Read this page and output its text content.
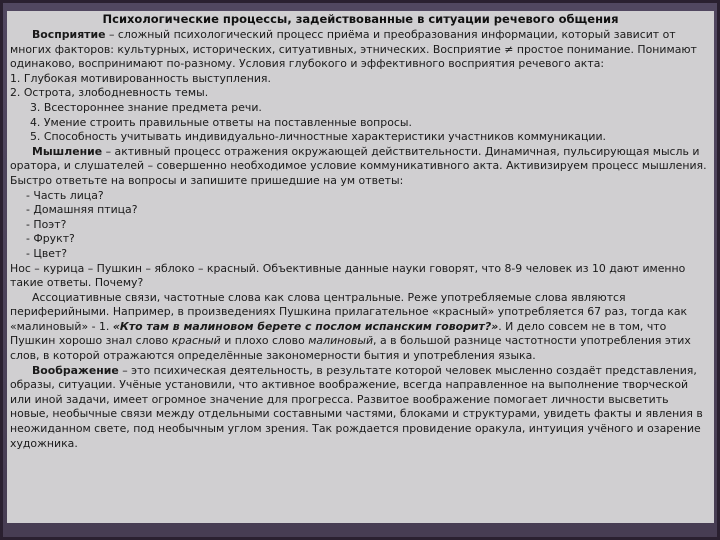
Психологические процессы, задействованные в ситуации речевого общения

Восприятие – сложный психологический процесс приёма и преобразования информации, который зависит от многих факторов: культурных, исторических, ситуативных, этнических. Восприятие ≠ простое понимание. Понимают одинаково, воспринимают по-разному. Условия глубокого и эффективного восприятия речевого акта:

1. Глубокая мотивированность выступления.

2. Острота, злободневность темы.

3. Всестороннее знание предмета речи.

4. Умение строить правильные ответы на поставленные вопросы.

5. Способность учитывать индивидуально-личностные характеристики участников коммуникации.

Мышление – активный процесс отражения окружающей действительности. Динамичная, пульсирующая мысль и оратора, и слушателей – совершенно необходимое условие коммуникативного акта. Активизируем процесс мышления. Быстро ответьте на вопросы и запишите пришедшие на ум ответы:

- Часть лица?

- Домашняя птица?

- Поэт?

- Фрукт?

- Цвет?

Нос – курица – Пушкин – яблоко – красный. Объективные данные науки говорят, что 8-9 человек из 10 дают именно такие ответы. Почему?

Ассоциативные связи, частотные слова как слова центральные. Реже употребляемые слова являются периферийными. Например, в произведениях Пушкина прилагательное «красный» употребляется 67 раз, тогда как «малиновый» - 1. «Кто там в малиновом берете с послом испанским говорит?». И дело совсем не в том, что Пушкин хорошо знал слово красный и плохо слово малиновый, а в большой разнице частотности употребления этих слов, в которой отражаются определённые закономерности бытия и употребления языка.

Воображение – это психическая деятельность, в результате которой человек мысленно создаёт представления, образы, ситуации. Учёные установили, что активное воображение, всегда направленное на выполнение творческой или иной задачи, имеет огромное значение для прогресса. Развитое воображение помогает личности высветить новые, необычные связи между отдельными составными частями, блоками и структурами, увидеть факты и явления в неожиданном свете, под необычным углом зрения. Так рождается провидение оракула, интуиция учёного и озарение художника.
